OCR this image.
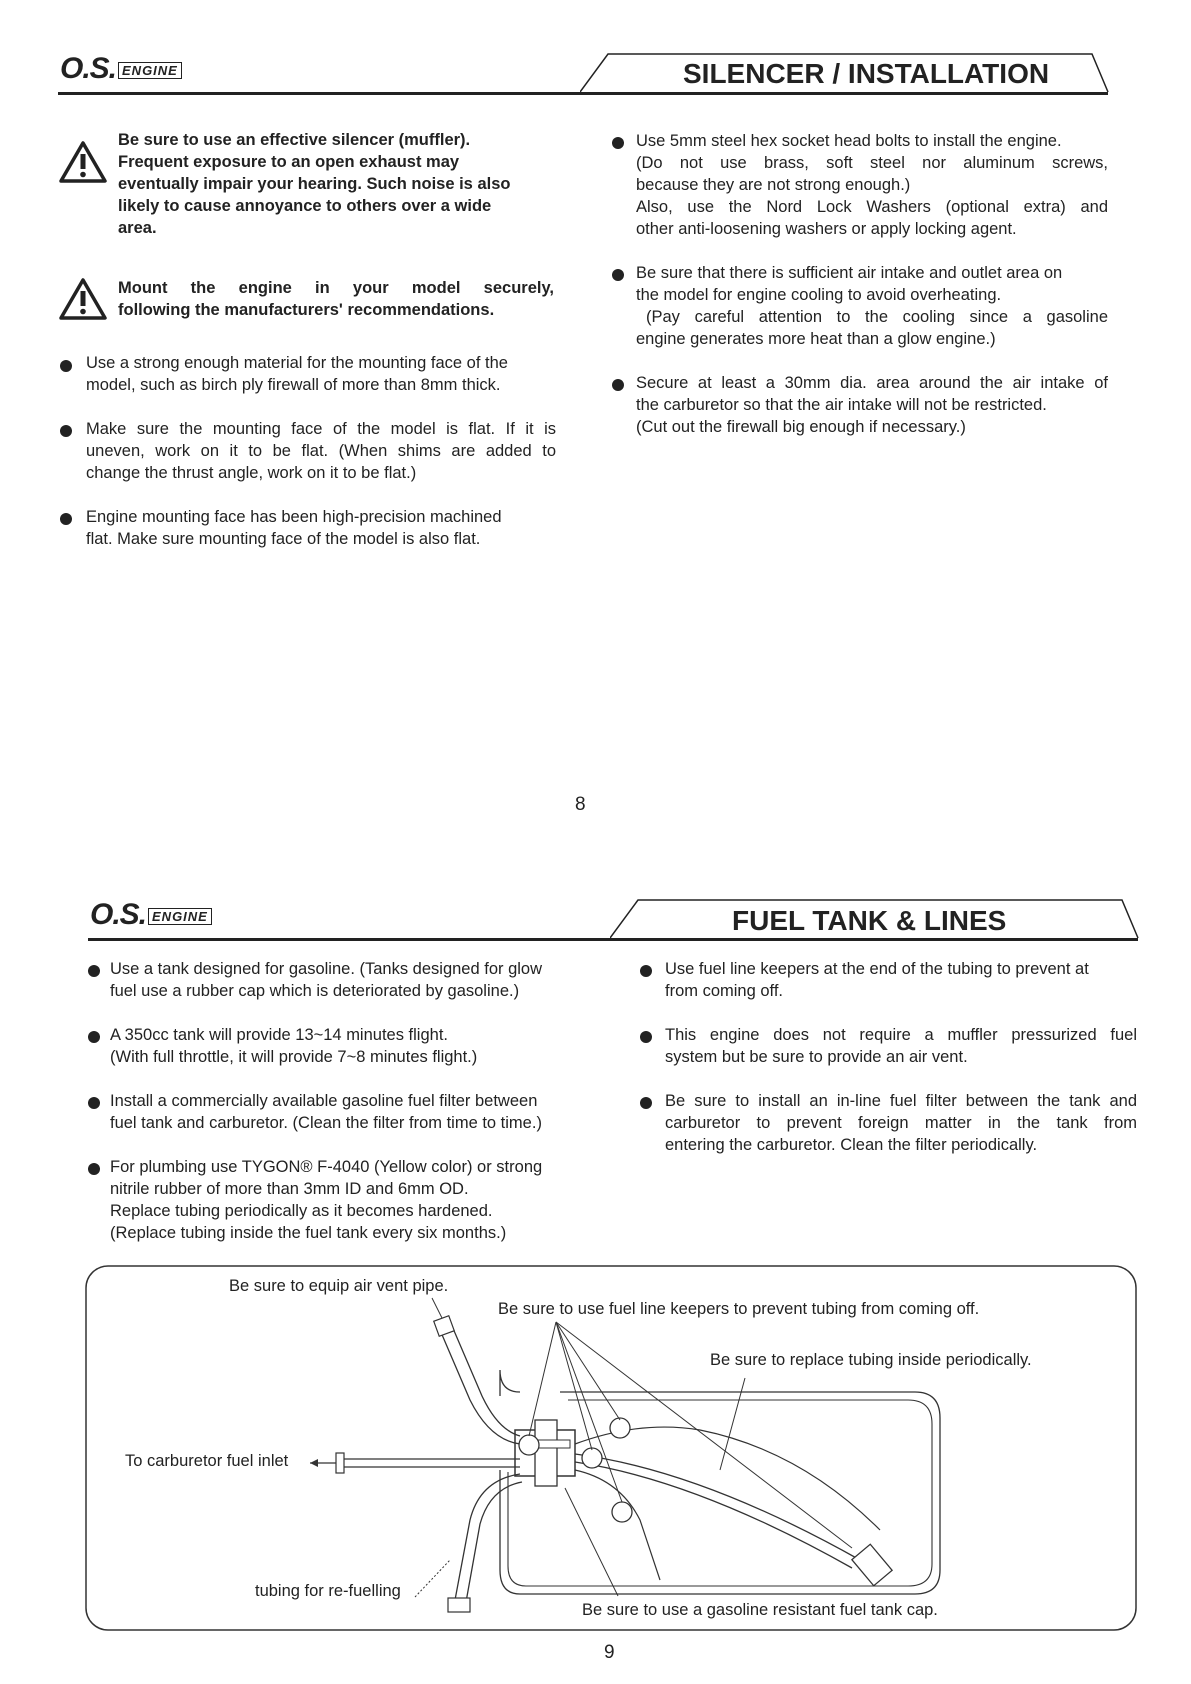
O.S. ENGINE	SILENCER / INSTALLATION
Be sure to use an effective silencer (muffler).
Frequent exposure to an open exhaust may
eventually impair your hearing. Such noise is also
likely to cause annoyance to others over a wide
area.
Mount the engine in your model securely,
following the manufacturers' recommendations.
Use a strong enough material for the mounting face of the
model, such as birch ply firewall of more than 8mm thick.
Make sure the mounting face of the model is flat. If it is
uneven, work on it to be flat. (When shims are added to
change the thrust angle, work on it to be flat.)
Engine mounting face has been high-precision machined
flat. Make sure mounting face of the model is also flat.
Use 5mm steel hex socket head bolts to install the engine.
(Do not use brass, soft steel nor aluminum screws,
because they are not strong enough.)
Also, use the Nord Lock Washers (optional extra) and
other anti-loosening washers or apply locking agent.
Be sure that there is sufficient air intake and outlet area on
the model for engine cooling to avoid overheating.
(Pay careful attention to the cooling since a gasoline
engine generates more heat than a glow engine.)
Secure at least a 30mm dia. area around the air intake of
the carburetor so that the air intake will not be restricted.
(Cut out the firewall big enough if necessary.)
8
O.S. ENGINE	FUEL TANK & LINES
Use a tank designed for gasoline. (Tanks designed for glow
fuel use a rubber cap which is deteriorated by gasoline.)
A 350cc tank will provide 13~14 minutes flight.
(With full throttle, it will provide 7~8 minutes flight.)
Install a commercially available gasoline fuel filter between
fuel tank and carburetor. (Clean the filter from time to time.)
For plumbing use TYGON® F-4040 (Yellow color) or strong
nitrile rubber of more than 3mm ID and 6mm OD.
Replace tubing periodically as it becomes hardened.
(Replace tubing inside the fuel tank every six months.)
Use fuel line keepers at the end of the tubing to prevent at
from coming off.
This engine does not require a muffler pressurized fuel
system but be sure to provide an air vent.
Be sure to install an in-line fuel filter between the tank and
carburetor to prevent foreign matter in the tank from
entering the carburetor. Clean the filter periodically.
Be sure to equip air vent pipe.
Be sure to use fuel line keepers to prevent tubing from coming off.
Be sure to replace tubing inside periodically.
To carburetor fuel inlet
tubing for re-fuelling
Be sure to use a gasoline resistant fuel tank cap.
9
